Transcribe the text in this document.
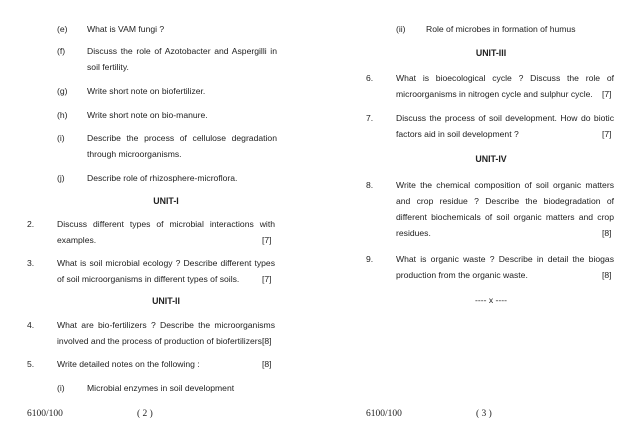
(e) What is VAM fungi ?
(f)	Discuss the role of Azotobacter and Aspergilli in soil fertility.
(g) Write short note on biofertilizer.
(h) Write short note on bio-manure.
(i)	Describe the process of cellulose degradation through microorganisms.
(j)	Describe role of rhizosphere-microflora.
UNIT-I
2.	Discuss different types of microbial interactions with examples.	[7]
3.	What is soil microbial ecology ? Describe different types of soil microorganisms in different types of soils.	[7]
UNIT-II
4.	What are bio-fertilizers ? Describe the microorganisms involved and the process of production of biofertilizers.
[8]
5.	Write detailed notes on the following :	[8]
(i)	Microbial enzymes in soil development
6100/100	( 2 )
(ii) Role of microbes in formation of humus
UNIT-III
6.	What is bioecological cycle ? Discuss the role of microorganisms in nitrogen cycle and sulphur cycle.	[7]
7.	Discuss the process of soil development. How do biotic factors aid in soil development ?	[7]
UNIT-IV
8.	Write the chemical composition of soil organic matters and crop residue ? Describe the biodegradation of different biochemicals of soil organic matters and crop residues.	[8]
9.	What is organic waste ? Describe in detail the biogas production from the organic waste.	[8]
---- x ----
6100/100	( 3 )
